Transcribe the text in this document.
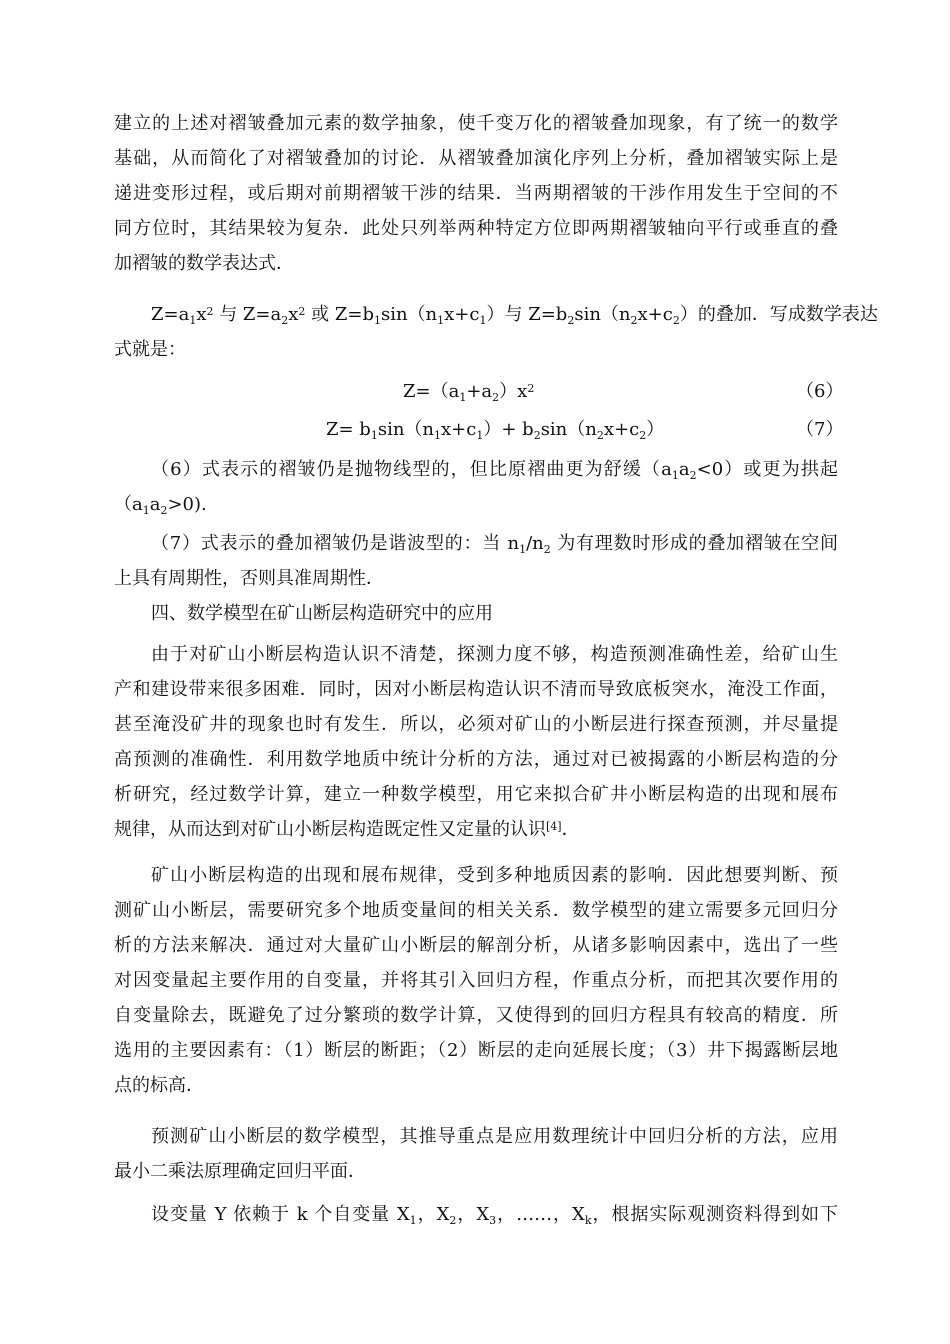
建立的上述对褶皱叠加元素的数学抽象，使千变万化的褶皱叠加现象，有了统一的数学
基础，从而简化了对褶皱叠加的讨论．从褶皱叠加演化序列上分析，叠加褶皱实际上是
递进变形过程，或后期对前期褶皱干涉的结果．当两期褶皱的干涉作用发生于空间的不
同方位时，其结果较为复杂．此处只列举两种特定方位即两期褶皱轴向平行或垂直的叠
加褶皱的数学表达式．
$Z=a_1x^2$ 与 $Z=a_2x^2$ 或 $Z=b_1\sin(n_1x+c_1)$与 $Z=b_2\sin(n_2x+c_2)$的叠加．写成数学表达
式就是：
$Z=(a_1+a_2)x^2$	（6）
$Z= b_1\sin(n_1x+c_1)+ b_2\sin(n_2x+c_2)$	（7）
（6）式表示的褶皱仍是抛物线型的，但比原褶曲更为舒缓$(a_1a_2<0)$或更为拱起
$(a_1a_2>0)$.
（7）式表示的叠加褶皱仍是谐波型的：当 $n_1/n_2$ 为有理数时形成的叠加褶皱在空间
上具有周期性，否则具准周期性．
四、数学模型在矿山断层构造研究中的应用
由于对矿山小断层构造认识不清楚，探测力度不够，构造预测准确性差，给矿山生
产和建设带来很多困难．同时，因对小断层构造认识不清而导致底板突水，淹没工作面，
甚至淹没矿井的现象也时有发生．所以，必须对矿山的小断层进行探查预测，并尽量提
高预测的准确性．利用数学地质中统计分析的方法，通过对已被揭露的小断层构造的分
析研究，经过数学计算，建立一种数学模型，用它来拟合矿井小断层构造的出现和展布
规律，从而达到对矿山小断层构造既定性又定量的认识[4]．
矿山小断层构造的出现和展布规律，受到多种地质因素的影响．因此想要判断、预
测矿山小断层，需要研究多个地质变量间的相关关系．数学模型的建立需要多元回归分
析的方法来解决．通过对大量矿山小断层的解剖分析，从诸多影响因素中，选出了一些
对因变量起主要作用的自变量，并将其引入回归方程，作重点分析，而把其次要作用的
自变量除去，既避免了过分繁琐的数学计算，又使得到的回归方程具有较高的精度．所
选用的主要因素有：（1）断层的断距；（2）断层的走向延展长度；（3）井下揭露断层地
点的标高．
预测矿山小断层的数学模型，其推导重点是应用数理统计中回归分析的方法，应用
最小二乘法原理确定回归平面．
设变量 Y 依赖于 k 个自变量 $X_1$，$X_2$，$X_3$，……，$X_k$，根据实际观测资料得到如下
